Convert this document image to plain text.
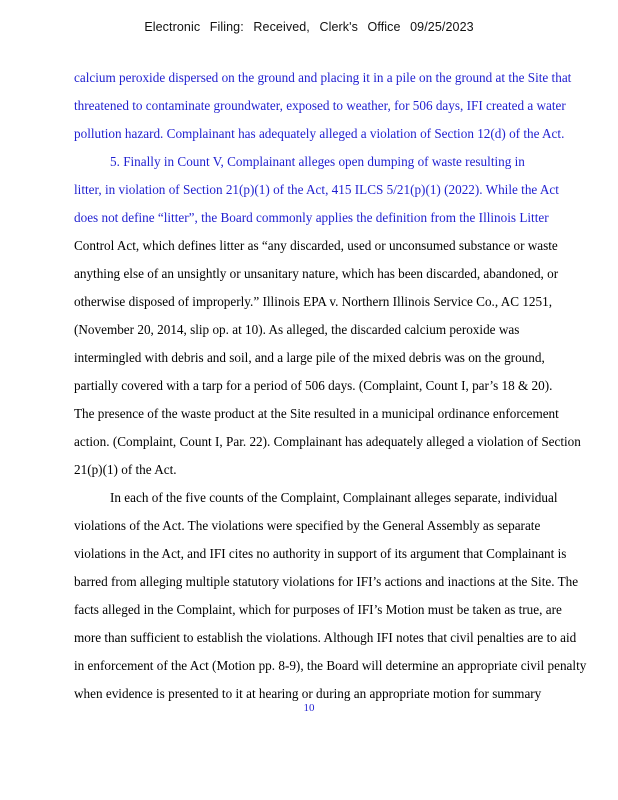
Electronic Filing: Received, Clerk's Office 09/25/2023
calcium peroxide dispersed on the ground and placing it in a pile on the ground at the Site that
threatened to contaminate groundwater, exposed to weather, for 506 days, IFI created a water
pollution hazard. Complainant has adequately alleged a violation of Section 12(d) of the Act.
5. Finally in Count V, Complainant alleges open dumping of waste resulting in
litter, in violation of Section 21(p)(1) of the Act, 415 ILCS 5/21(p)(1) (2022). While the Act
does not define “litter”, the Board commonly applies the definition from the Illinois Litter
Control Act, which defines litter as “any discarded, used or unconsumed substance or waste
anything else of an unsightly or unsanitary nature, which has been discarded, abandoned, or
otherwise disposed of improperly.” Illinois EPA v. Northern Illinois Service Co., AC 1251,
(November 20, 2014, slip op. at 10). As alleged, the discarded calcium peroxide was
intermingled with debris and soil, and a large pile of the mixed debris was on the ground,
partially covered with a tarp for a period of 506 days. (Complaint, Count I, par’s 18 & 20).
The presence of the waste product at the Site resulted in a municipal ordinance enforcement
action. (Complaint, Count I, Par. 22). Complainant has adequately alleged a violation of Section
21(p)(1) of the Act.
In each of the five counts of the Complaint, Complainant alleges separate, individual
violations of the Act. The violations were specified by the General Assembly as separate
violations in the Act, and IFI cites no authority in support of its argument that Complainant is
barred from alleging multiple statutory violations for IFI’s actions and inactions at the Site. The
facts alleged in the Complaint, which for purposes of IFI’s Motion must be taken as true, are
more than sufficient to establish the violations. Although IFI notes that civil penalties are to aid
in enforcement of the Act (Motion pp. 8-9), the Board will determine an appropriate civil penalty
when evidence is presented to it at hearing or during an appropriate motion for summary
10
